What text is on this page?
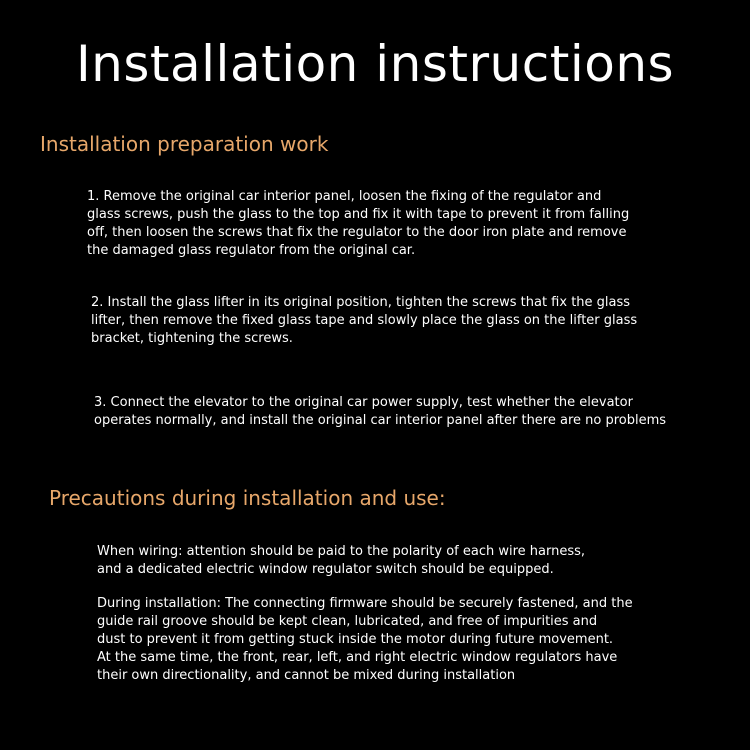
Installation instructions
Installation preparation work

1. Remove the original car interior panel, loosen the fixing of the regulator and
glass screws, push the glass to the top and fix it with tape to prevent it from falling
off, then loosen the screws that fix the regulator to the door iron plate and remove
the damaged glass regulator from the original car.

2. Install the glass lifter in its original position, tighten the screws that fix the glass
lifter, then remove the fixed glass tape and slowly place the glass on the lifter glass
bracket, tightening the screws.

3. Connect the elevator to the original car power supply, test whether the elevator
operates normally, and install the original car interior panel after there are no problems

Precautions during installation and use:

When wiring: attention should be paid to the polarity of each wire harness,
and a dedicated electric window regulator switch should be equipped.

During installation: The connecting firmware should be securely fastened, and the
guide rail groove should be kept clean, lubricated, and free of impurities and
dust to prevent it from getting stuck inside the motor during future movement.
At the same time, the front, rear, left, and right electric window regulators have
their own directionality, and cannot be mixed during installation
